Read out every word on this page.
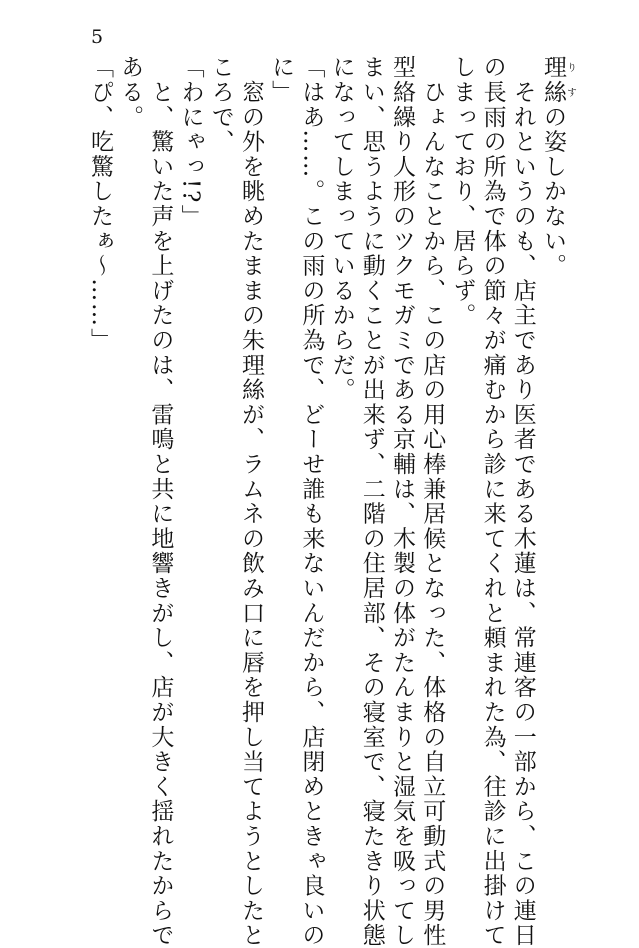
5
理絲りすの姿しかない。
　それというのも、店主であり医者である木蓮は、常連客の一部から、この連日
の長雨の所為で体の節々が痛むから診に来てくれと頼まれた為、往診に出掛けて
しまっており、居らず。
　ひょんなことから、この店の用心棒兼居候となった、体格の自立可動式の男性
型絡繰り人形のツクモガミである京輔は、木製の体がたんまりと湿気を吸ってし
まい、思うように動くことが出来ず、二階の住居部、その寝室で、寝たきり状態
になってしまっているからだ。
「はあ……。この雨の所為で、どーせ誰も来ないんだから、店閉めときゃ良いの
に」
　窓の外を眺めたままの朱理絲が、ラムネの飲み口に唇を押し当てようとしたと
ころで、
「わにゃっ!?」
　と、驚いた声を上げたのは、雷鳴と共に地響きがし、店が大きく揺れたからで
ある。
「ぴ、吃驚したぁ〜……」
